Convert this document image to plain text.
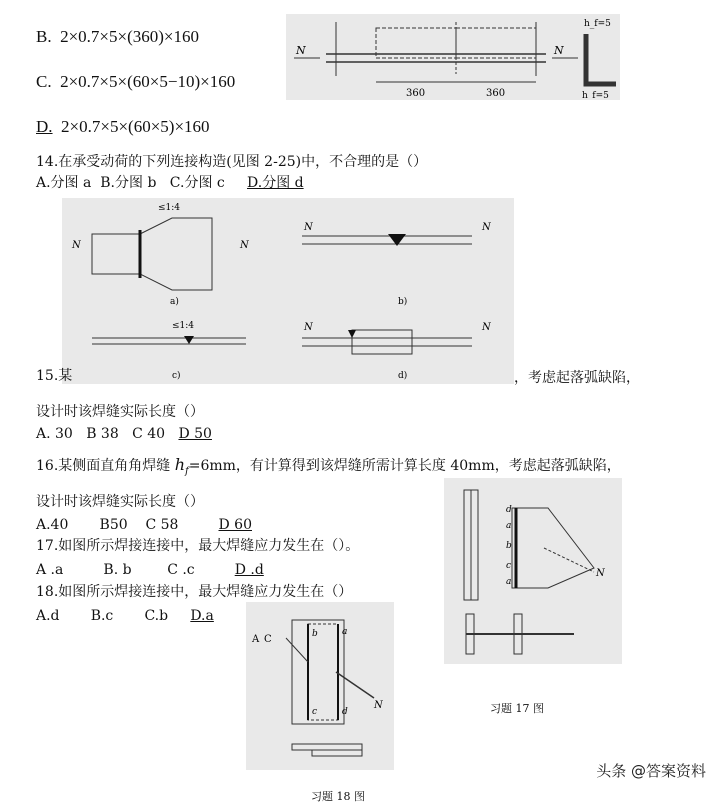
B. 2×0.7×5×(360)×160
C. 2×0.7×5×(60×5−10)×160
D. 2×0.7×5×(60×5)×160
360	360
N	N
h_f=5
h_f=5
14.在承受动荷的下列连接构造(见图 2-25)中，不合理的是（）
A.分图 a B.分图 b C.分图 c D.分图 d
≤1:4
N	N
a)
N	N
b)
≤1:4
c)
N	N
d)
15.某	，考虑起落弧缺陷，
设计时该焊缝实际长度（）
A. 30 B 38 C 40 D 50
16.某侧面直角角焊缝 $h_f=6mm$，有计算得到该焊缝所需计算长度 40mm，考虑起落弧缺陷，
设计时该焊缝实际长度（）
A.40 B50 C 58	D 60
17.如图所示焊接连接中，最大焊缝应力发生在（）。
A .a	B. b	C .c	D .d
18.如图所示焊接连接中，最大焊缝应力发生在（）
A.d B.c C.b D.a
d
a
b
c
a
N
习题 17 图
A C	b	a
c	d
N
习题 18 图
头条 @答案资料
